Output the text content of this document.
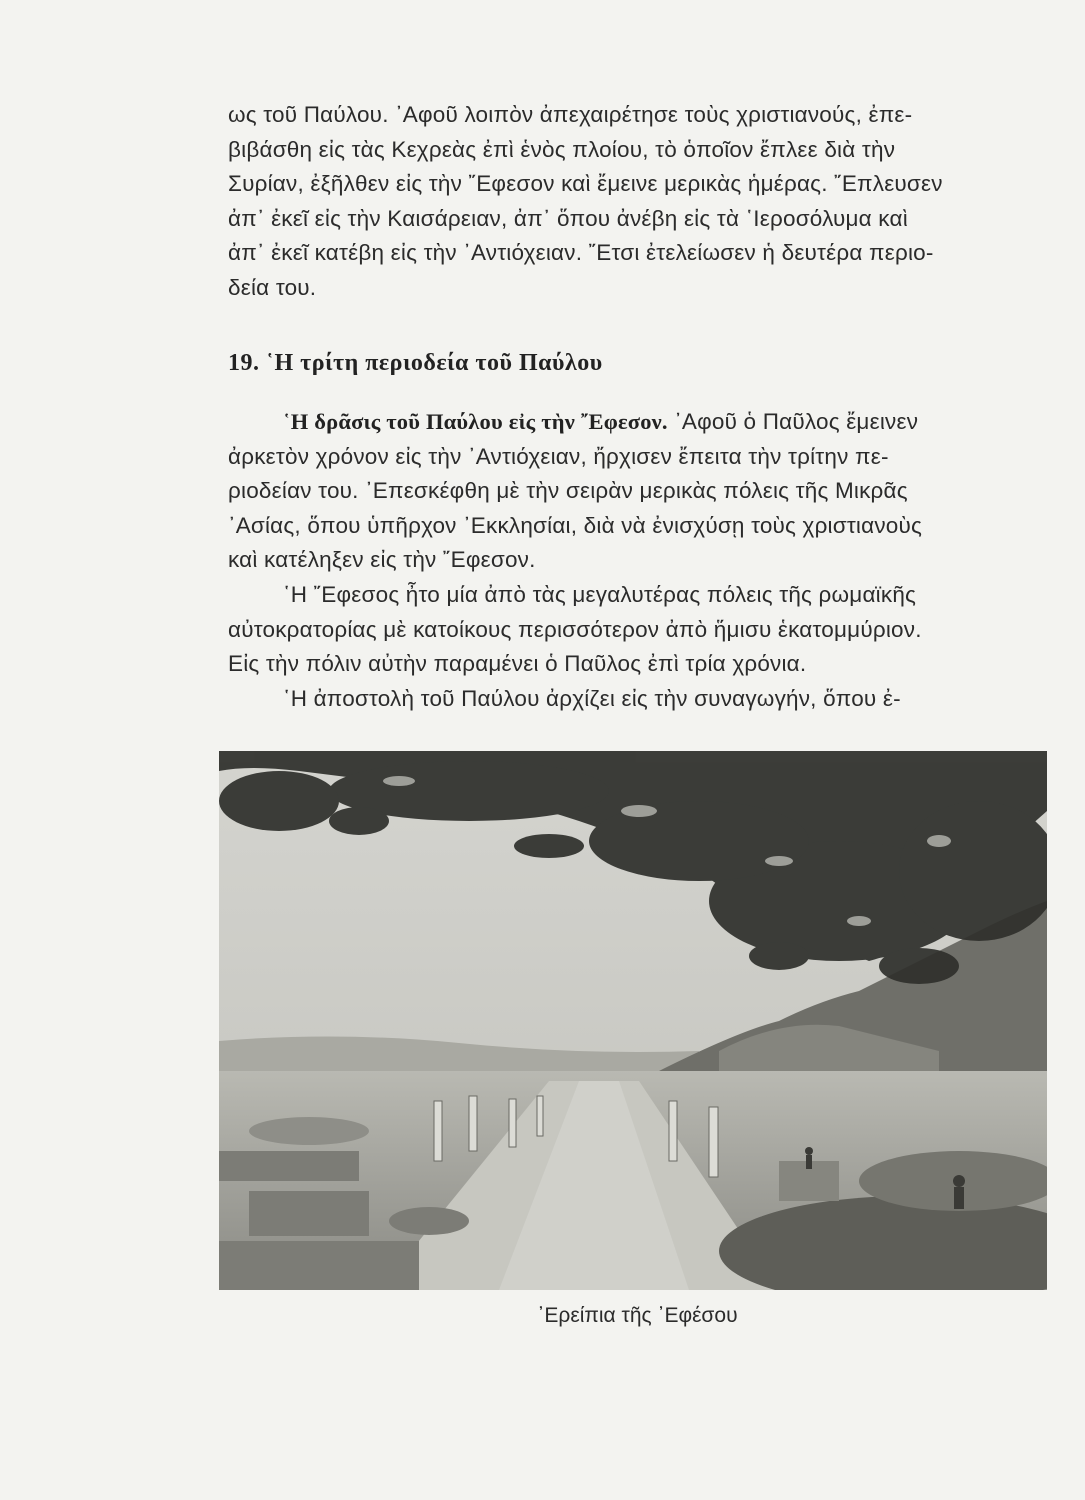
ως τοῦ Παύλου. ᾿Αφοῦ λοιπὸν ἀπεχαιρέτησε τοὺς χριστιανούς, ἐπε-
βιβάσθη εἰς τὰς Κεχρεὰς ἐπὶ ἑνὸς πλοίου, τὸ ὁποῖον ἔπλεε διὰ τὴν
Συρίαν, ἐξῆλθεν εἰς τὴν ῎Εφεσον καὶ ἔμεινε μερικὰς ἡμέρας. ῎Επλευσεν
ἀπ᾿ ἐκεῖ εἰς τὴν Καισάρειαν, ἀπ᾿ ὅπου ἀνέβη εἰς τὰ ῾Ιεροσόλυμα καὶ
ἀπ᾿ ἐκεῖ κατέβη εἰς τὴν ᾿Αντιόχειαν. ῎Ετσι ἐτελείωσεν ἡ δευτέρα περιο-
δεία του.
19. ῾Η τρίτη περιοδεία τοῦ Παύλου
῾Η δρᾶσις τοῦ Παύλου εἰς τὴν ῎Εφεσον. ᾿Αφοῦ ὁ Παῦλος ἔμεινεν
ἀρκετὸν χρόνον εἰς τὴν ᾿Αντιόχειαν, ἤρχισεν ἔπειτα τὴν τρίτην πε-
ριοδείαν του. ᾿Επεσκέφθη μὲ τὴν σειρὰν μερικὰς πόλεις τῆς Μικρᾶς
᾿Ασίας, ὅπου ὑπῆρχον ᾿Εκκλησίαι, διὰ νὰ ἐνισχύσῃ τοὺς χριστιανοὺς
καὶ κατέληξεν εἰς τὴν ῎Εφεσον.
῾Η ῎Εφεσος ἦτο μία ἀπὸ τὰς μεγαλυτέρας πόλεις τῆς ρωμαϊκῆς
αὐτοκρατορίας μὲ κατοίκους περισσότερον ἀπὸ ἥμισυ ἑκατομμύριον.
Εἰς τὴν πόλιν αὐτὴν παραμένει ὁ Παῦλος ἐπὶ τρία χρόνια.
῾Η ἀποστολὴ τοῦ Παύλου ἀρχίζει εἰς τὴν συναγωγήν, ὅπου ἐ-
᾿Ερείπια τῆς ᾿Εφέσου
